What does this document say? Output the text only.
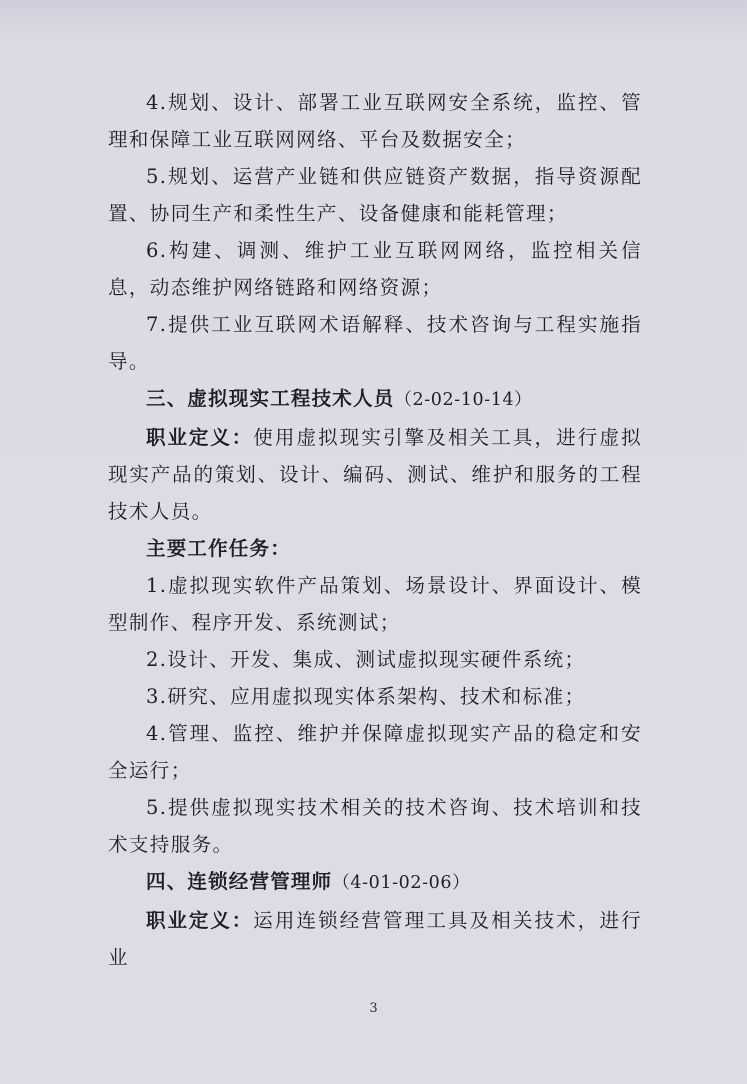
4.规划、设计、部署工业互联网安全系统，监控、管理和保障工业互联网网络、平台及数据安全；

5.规划、运营产业链和供应链资产数据，指导资源配置、协同生产和柔性生产、设备健康和能耗管理；

6.构建、调测、维护工业互联网网络，监控相关信息，动态维护网络链路和网络资源；

7.提供工业互联网术语解释、技术咨询与工程实施指导。

三、虚拟现实工程技术人员（2-02-10-14）

职业定义：使用虚拟现实引擎及相关工具，进行虚拟现实产品的策划、设计、编码、测试、维护和服务的工程技术人员。

主要工作任务：

1.虚拟现实软件产品策划、场景设计、界面设计、模型制作、程序开发、系统测试；

2.设计、开发、集成、测试虚拟现实硬件系统；

3.研究、应用虚拟现实体系架构、技术和标准；

4.管理、监控、维护并保障虚拟现实产品的稳定和安全运行；

5.提供虚拟现实技术相关的技术咨询、技术培训和技术支持服务。

四、连锁经营管理师（4-01-02-06）

职业定义：运用连锁经营管理工具及相关技术，进行业

3
